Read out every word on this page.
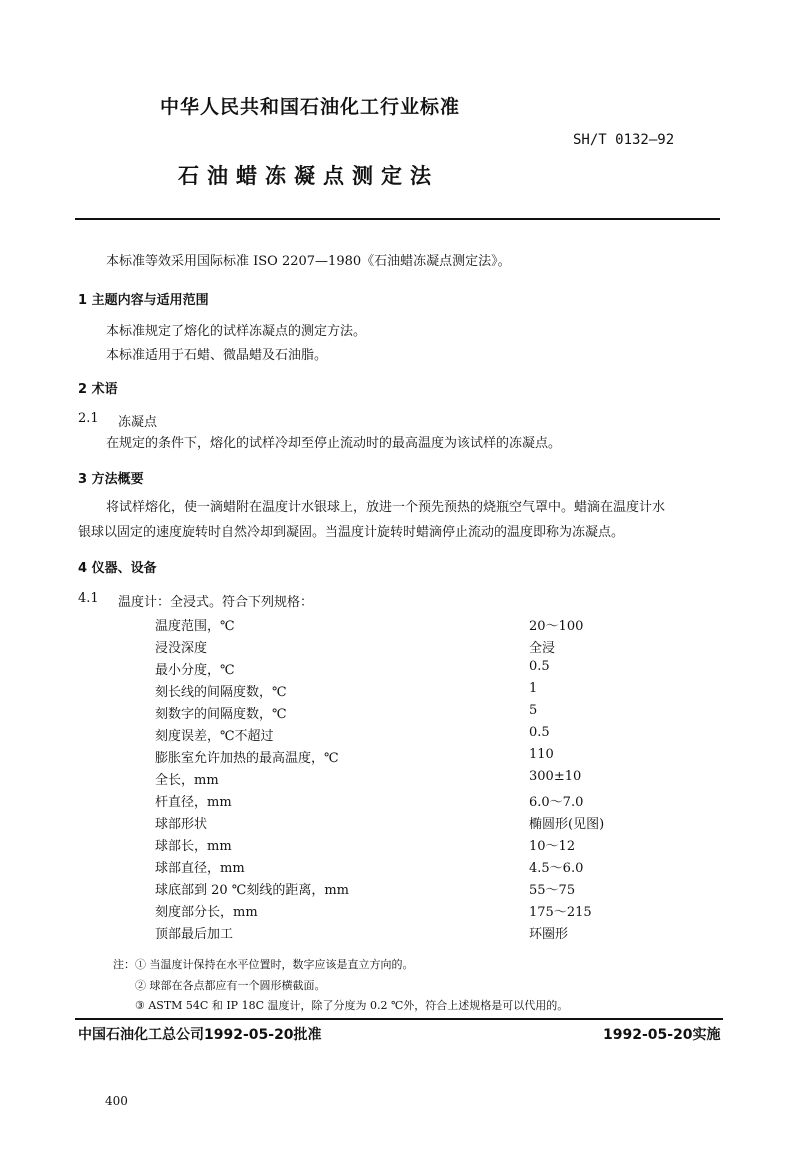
中华人民共和国石油化工行业标准
SH/T 0132—92
石油蜡冻凝点测定法
本标准等效采用国际标准 ISO 2207—1980《石油蜡冻凝点测定法》。
1 主题内容与适用范围
本标准规定了熔化的试样冻凝点的测定方法。
本标准适用于石蜡、微晶蜡及石油脂。
2 术语
2.1 冻凝点
在规定的条件下，熔化的试样冷却至停止流动时的最高温度为该试样的冻凝点。
3 方法概要
将试样熔化，使一滴蜡附在温度计水银球上，放进一个预先预热的烧瓶空气罩中。蜡滴在温度计水
银球以固定的速度旋转时自然冷却到凝固。当温度计旋转时蜡滴停止流动的温度即称为冻凝点。
4 仪器、设备
4.1 温度计：全浸式。符合下列规格：
温度范围，℃	20～100
浸没深度	全浸
最小分度，℃	0.5
刻长线的间隔度数，℃	1
刻数字的间隔度数，℃	5
刻度误差，℃不超过	0.5
膨胀室允许加热的最高温度，℃	110
全长，mm	300±10
杆直径，mm	6.0～7.0
球部形状	椭圆形(见图)
球部长，mm	10～12
球部直径，mm	4.5～6.0
球底部到 20 ℃刻线的距离，mm	55～75
刻度部分长，mm	175～215
顶部最后加工	环圈形
注： ① 当温度计保持在水平位置时，数字应该是直立方向的。
② 球部在各点都应有一个圆形横截面。
③ ASTM 54C 和 IP 18C 温度计，除了分度为 0.2 ℃外，符合上述规格是可以代用的。
中国石油化工总公司1992-05-20批准	1992-05-20实施
400
